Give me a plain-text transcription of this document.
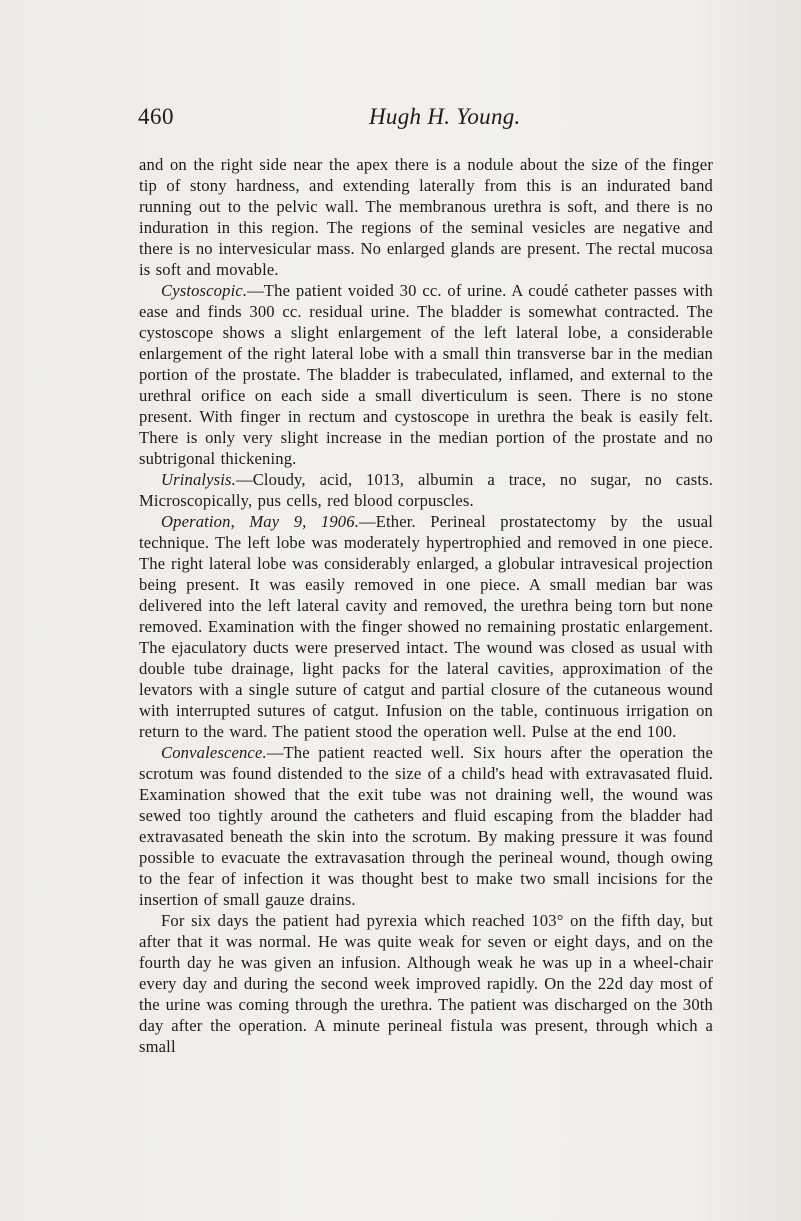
460	Hugh H. Young.

and on the right side near the apex there is a nodule about the size of the finger tip of stony hardness, and extending laterally from this is an indurated band running out to the pelvic wall. The membranous urethra is soft, and there is no induration in this region. The regions of the seminal vesicles are negative and there is no intervesicular mass. No enlarged glands are present. The rectal mucosa is soft and movable.

Cystoscopic.—The patient voided 30 cc. of urine. A coudé catheter passes with ease and finds 300 cc. residual urine. The bladder is somewhat contracted. The cystoscope shows a slight enlargement of the left lateral lobe, a considerable enlargement of the right lateral lobe with a small thin transverse bar in the median portion of the prostate. The bladder is trabeculated, inflamed, and external to the urethral orifice on each side a small diverticulum is seen. There is no stone present. With finger in rectum and cystoscope in urethra the beak is easily felt. There is only very slight increase in the median portion of the prostate and no subtrigonal thickening.

Urinalysis.—Cloudy, acid, 1013, albumin a trace, no sugar, no casts. Microscopically, pus cells, red blood corpuscles.

Operation, May 9, 1906.—Ether. Perineal prostatectomy by the usual technique. The left lobe was moderately hypertrophied and removed in one piece. The right lateral lobe was considerably enlarged, a globular intravesical projection being present. It was easily removed in one piece. A small median bar was delivered into the left lateral cavity and removed, the urethra being torn but none removed. Examination with the finger showed no remaining prostatic enlargement. The ejaculatory ducts were preserved intact. The wound was closed as usual with double tube drainage, light packs for the lateral cavities, approximation of the levators with a single suture of catgut and partial closure of the cutaneous wound with interrupted sutures of catgut. Infusion on the table, continuous irrigation on return to the ward. The patient stood the operation well. Pulse at the end 100.

Convalescence.—The patient reacted well. Six hours after the operation the scrotum was found distended to the size of a child's head with extravasated fluid. Examination showed that the exit tube was not draining well, the wound was sewed too tightly around the catheters and fluid escaping from the bladder had extravasated beneath the skin into the scrotum. By making pressure it was found possible to evacuate the extravasation through the perineal wound, though owing to the fear of infection it was thought best to make two small incisions for the insertion of small gauze drains.

For six days the patient had pyrexia which reached 103° on the fifth day, but after that it was normal. He was quite weak for seven or eight days, and on the fourth day he was given an infusion. Although weak he was up in a wheel-chair every day and during the second week improved rapidly. On the 22d day most of the urine was coming through the urethra. The patient was discharged on the 30th day after the operation. A minute perineal fistula was present, through which a small
